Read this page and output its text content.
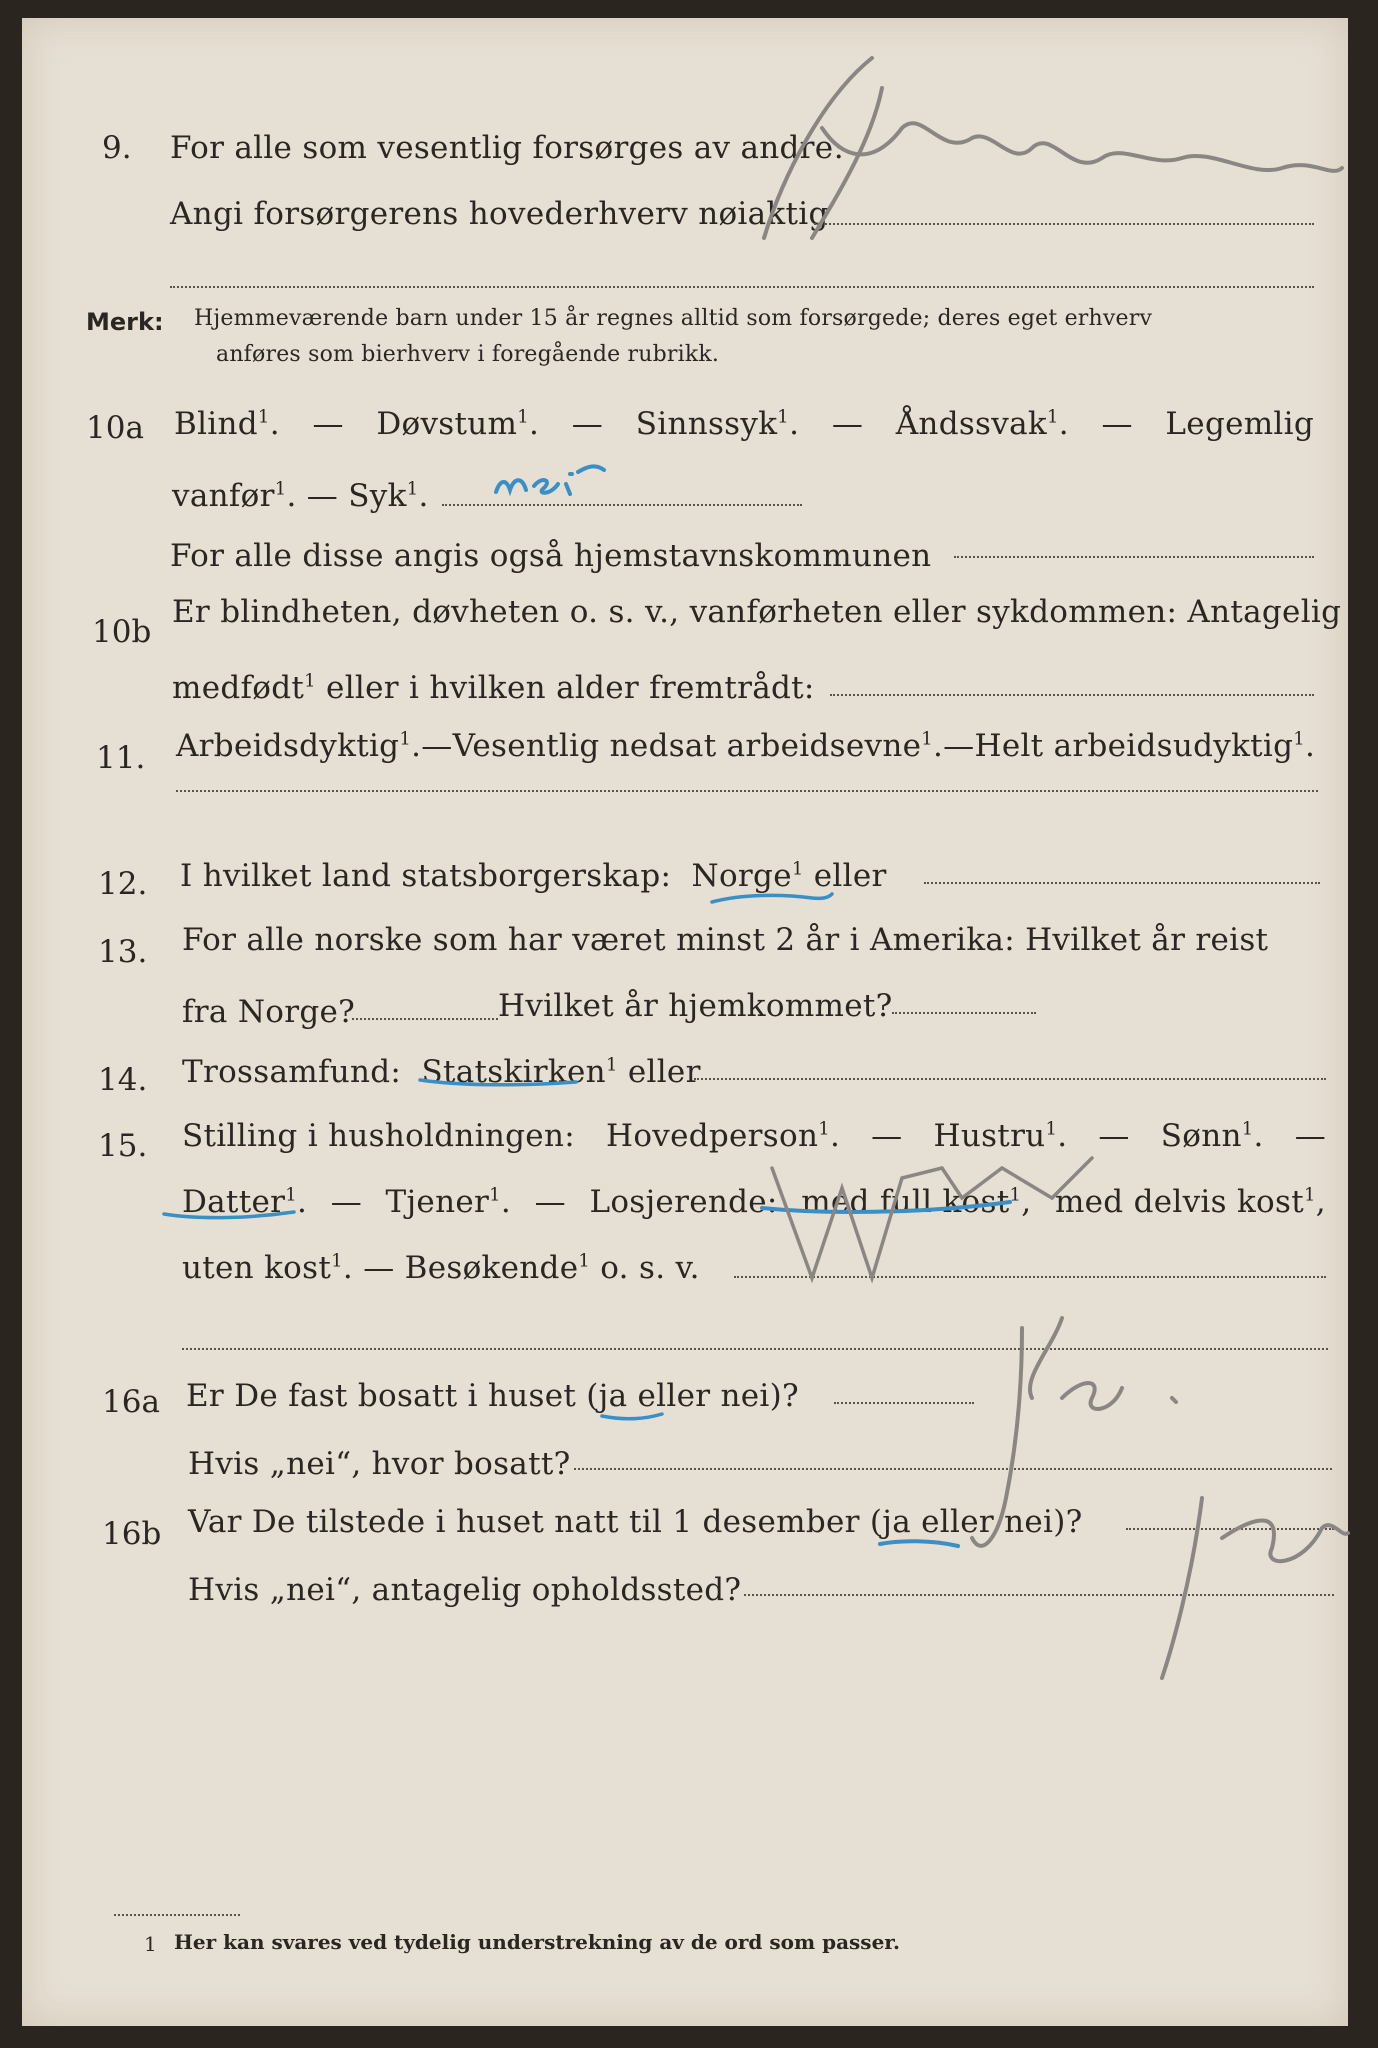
9. For alle som vesentlig forsørges av andre:
Angi forsørgerens hovederhverv nøiaktig
Merk: Hjemmeværende barn under 15 år regnes alltid som forsørgede; deres eget erhverv
anføres som bierhverv i foregående rubrikk.
10a Blind$^1$. — Døvstum$^1$. — Sinnssyk$^1$. — Åndssvak$^1$. — Legemlig
vanfør$^1$. — Syk$^1$.
For alle disse angis også hjemstavnskommunen
10b
Er blindheten, døvheten o. s. v., vanførheten eller sykdommen: Antagelig
medfødt$^1$ eller i hvilken alder fremtrådt:
11. Arbeidsdyktig$^1$. — Vesentlig nedsat arbeidsevne$^1$. — Helt arbeidsudyktig$^1$.
12. I hvilket land statsborgerskap: Norge$^1$ eller
13. For alle norske som har været minst 2 år i Amerika: Hvilket år reist
fra Norge?	Hvilket år hjemkommet?
14. Trossamfund: Statskirken$^1$ eller
15. Stilling i husholdningen: Hovedperson$^1$. — Hustru$^1$. — Sønn$^1$. —
Datter$^1$. — Tjener$^1$. — Losjerende: med full kost$^1$, med delvis kost$^1$,
uten kost$^1$. — Besøkende$^1$ o. s. v.
16a Er De fast bosatt i huset (ja eller nei)?
Hvis „nei“, hvor bosatt?
16b Var De tilstede i huset natt til 1 desember (ja eller nei)?
Hvis „nei“, antagelig opholdssted?
1 Her kan svares ved tydelig understrekning av de ord som passer.
